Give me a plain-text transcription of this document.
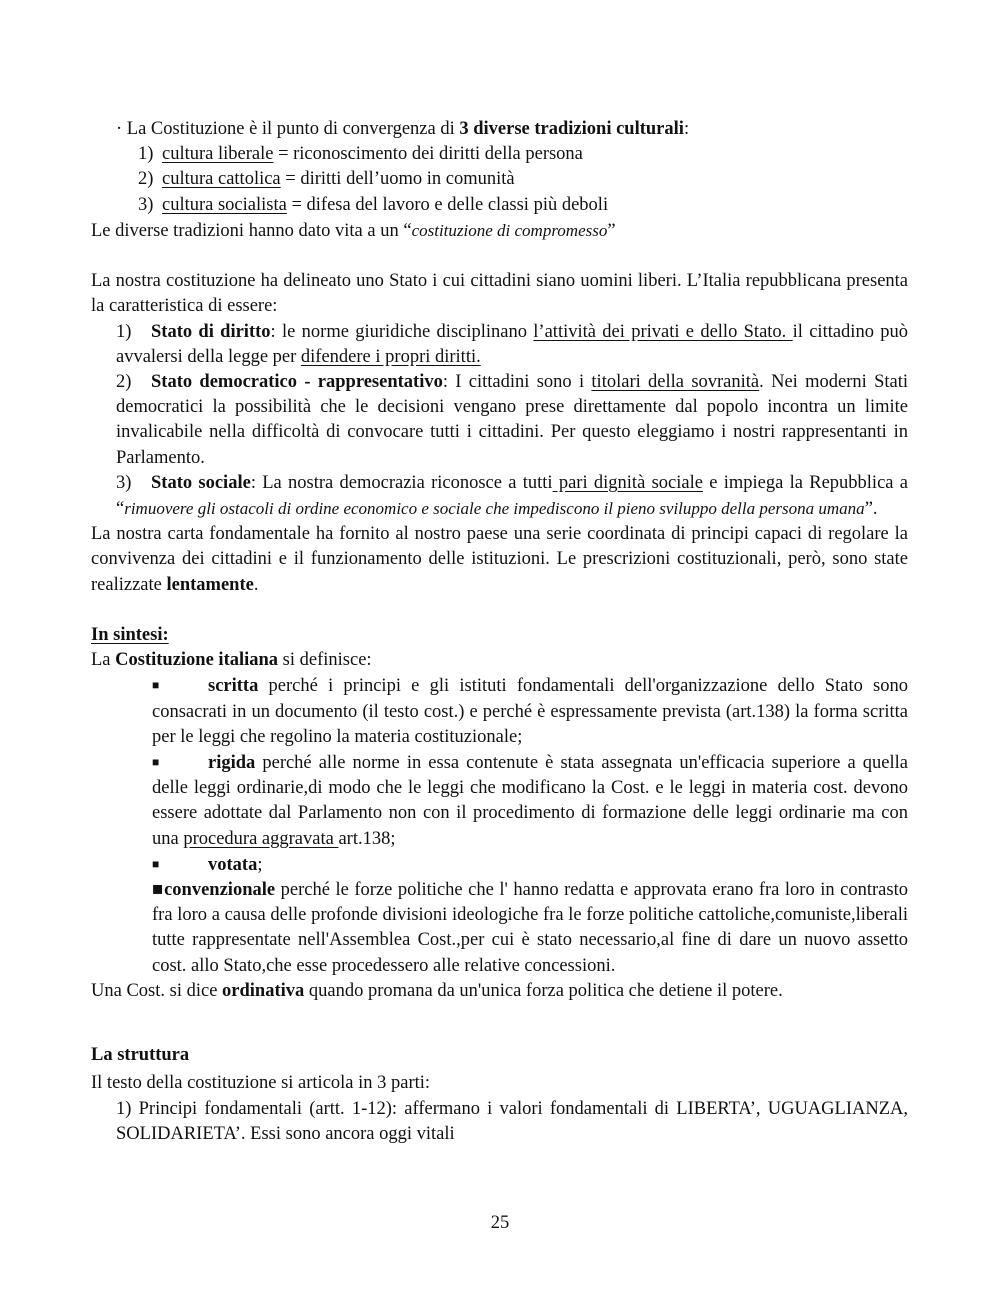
· La Costituzione è il punto di convergenza di 3 diverse tradizioni culturali:
1) cultura liberale = riconoscimento dei diritti della persona
2) cultura cattolica = diritti dell’uomo in comunità
3) cultura socialista = difesa del lavoro e delle classi più deboli
Le diverse tradizioni hanno dato vita a un “costituzione di compromesso”
La nostra costituzione ha delineato uno Stato i cui cittadini siano uomini liberi. L’Italia repubblicana presenta la caratteristica di essere:
1) Stato di diritto: le norme giuridiche disciplinano l’attività dei privati e dello Stato. il cittadino può avvalersi della legge per difendere i propri diritti.
2) Stato democratico - rappresentativo: I cittadini sono i titolari della sovranità. Nei moderni Stati democratici la possibilità che le decisioni vengano prese direttamente dal popolo incontra un limite invalicabile nella difficoltà di convocare tutti i cittadini. Per questo eleggiamo i nostri rappresentanti in Parlamento.
3) Stato sociale: La nostra democrazia riconosce a tutti pari dignità sociale e impiega la Repubblica a “rimuovere gli ostacoli di ordine economico e sociale che impediscono il pieno sviluppo della persona umana”.
La nostra carta fondamentale ha fornito al nostro paese una serie coordinata di principi capaci di regolare la convivenza dei cittadini e il funzionamento delle istituzioni. Le prescrizioni costituzionali, però, sono state realizzate lentamente.
In sintesi:
La Costituzione italiana si definisce:
■	scritta perché i principi e gli istituti fondamentali dell'organizzazione dello Stato sono consacrati in un documento (il testo cost.) e perché è espressamente prevista (art.138) la forma scritta per le leggi che regolino la materia costituzionale;
■	rigida perché alle norme in essa contenute è stata assegnata un'efficacia superiore a quella delle leggi ordinarie,di modo che le leggi che modificano la Cost. e le leggi in materia cost. devono essere adottate dal Parlamento non con il procedimento di formazione delle leggi ordinarie ma con una procedura aggravata art.138;
■	votata;
■convenzionale perché le forze politiche che l' hanno redatta e approvata erano fra loro in contrasto fra loro a causa delle profonde divisioni ideologiche fra le forze politiche cattoliche,comuniste,liberali tutte rappresentate nell'Assemblea Cost.,per cui è stato necessario,al fine di dare un nuovo assetto cost. allo Stato,che esse procedessero alle relative concessioni.
Una Cost. si dice ordinativa quando promana da un'unica forza politica che detiene il potere.
La struttura
Il testo della costituzione si articola in 3 parti:
1) Principi fondamentali (artt. 1-12): affermano i valori fondamentali di LIBERTA’, UGUAGLIANZA, SOLIDARIETA’. Essi sono ancora oggi vitali
25
